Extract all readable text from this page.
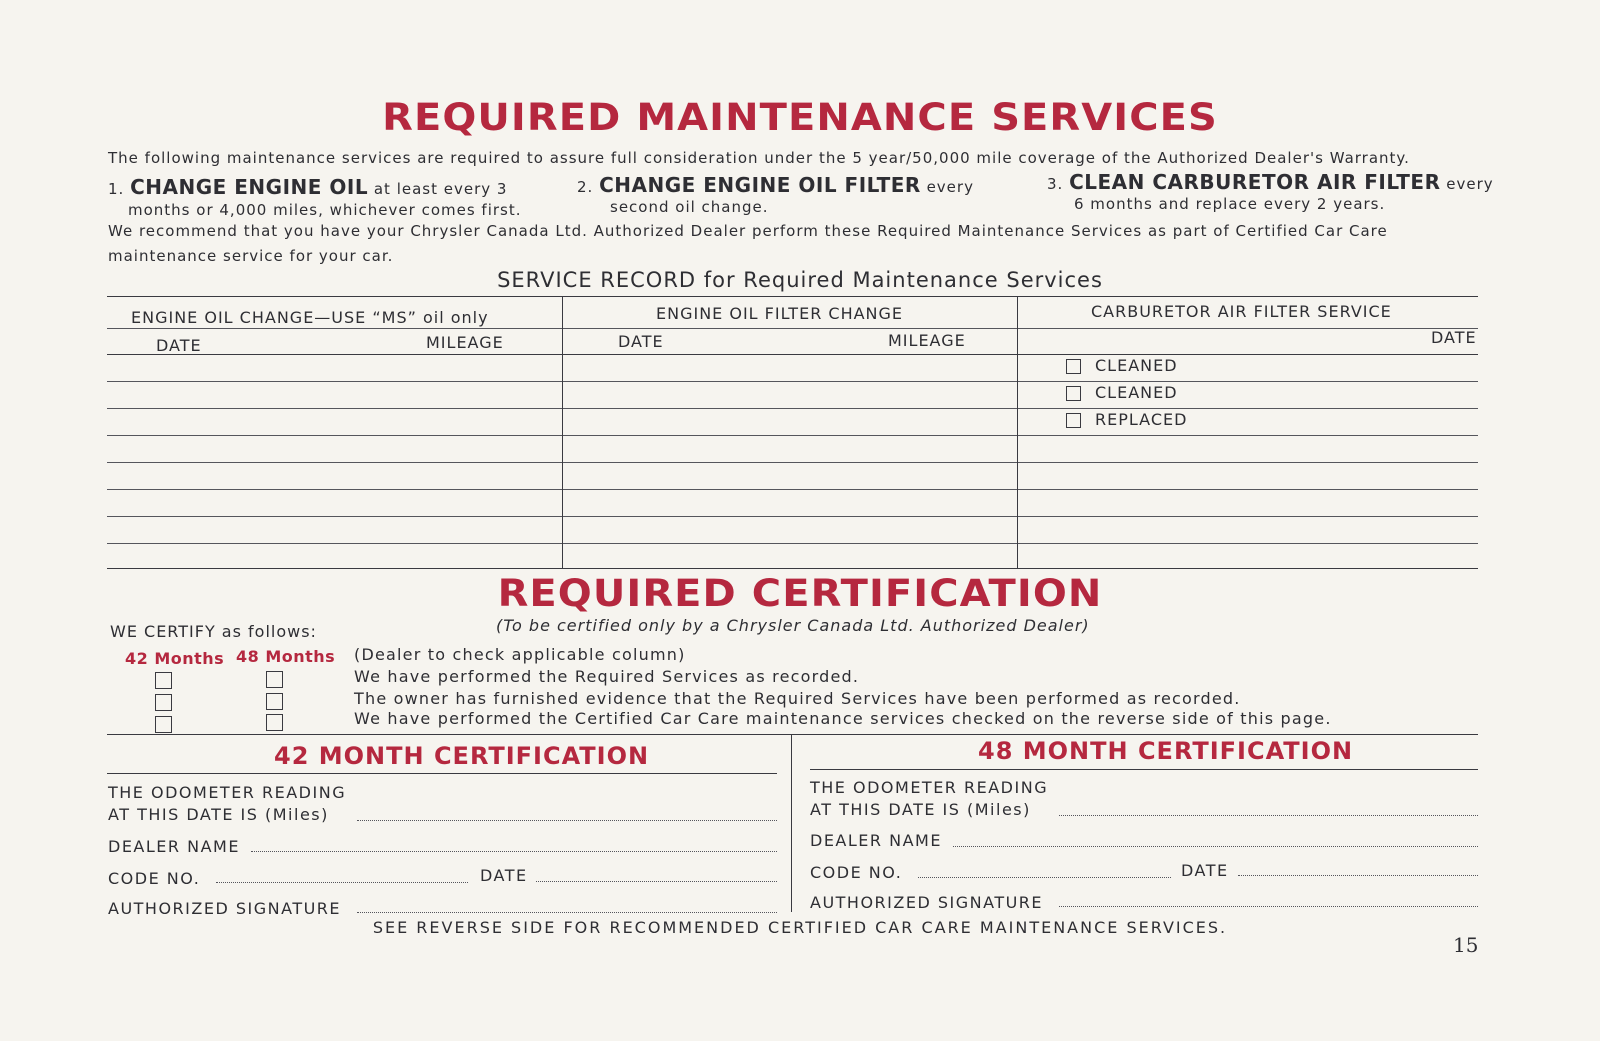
REQUIRED MAINTENANCE SERVICES
The following maintenance services are required to assure full consideration under the 5 year/50,000 mile coverage of the Authorized Dealer's Warranty.
1. CHANGE ENGINE OIL at least every 3
months or 4,000 miles, whichever comes first.
2. CHANGE ENGINE OIL FILTER every
second oil change.
3. CLEAN CARBURETOR AIR FILTER every
6 months and replace every 2 years.
We recommend that you have your Chrysler Canada Ltd. Authorized Dealer perform these Required Maintenance Services as part of Certified Car Care
maintenance service for your car.
SERVICE RECORD for Required Maintenance Services
ENGINE OIL CHANGE—USE “MS” oil only	ENGINE OIL FILTER CHANGE	CARBURETOR AIR FILTER SERVICE
DATE	MILEAGE	DATE	MILEAGE	DATE
CLEANED
CLEANED
REPLACED
REQUIRED CERTIFICATION
WE CERTIFY as follows:	(To be certified only by a Chrysler Canada Ltd. Authorized Dealer)
42 Months 48 Months (Dealer to check applicable column)
We have performed the Required Services as recorded.
The owner has furnished evidence that the Required Services have been performed as recorded.
We have performed the Certified Car Care maintenance services checked on the reverse side of this page.
42 MONTH CERTIFICATION
THE ODOMETER READING
AT THIS DATE IS (Miles)
DEALER NAME
CODE NO.	DATE
AUTHORIZED SIGNATURE
48 MONTH CERTIFICATION
THE ODOMETER READING
AT THIS DATE IS (Miles)
DEALER NAME
CODE NO.	DATE
AUTHORIZED SIGNATURE
SEE REVERSE SIDE FOR RECOMMENDED CERTIFIED CAR CARE MAINTENANCE SERVICES.
15
